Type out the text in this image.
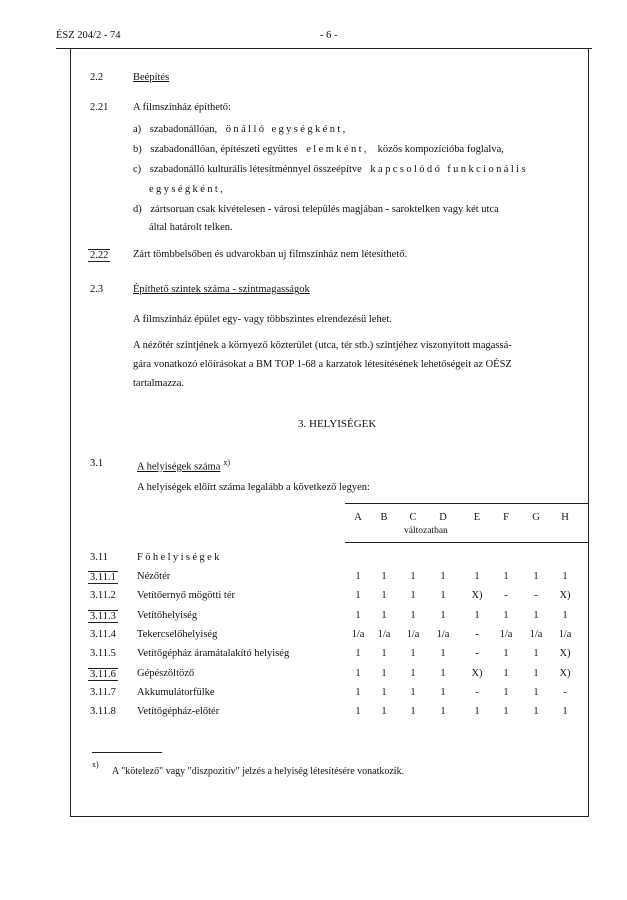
ÉSZ 204/2 - 74	- 6 -
2.2	Beépítés
2.21 A filmszínház építhető:
a) szabadonállóan, önálló egységként,
b) szabadonállóan, építészeti együttes elemként, közös kompozícióba foglalva,
c) szabadonálló kulturális létesítménnyel összeépítve kapcsolódó funkcionális
egységként,
d) zártsoruan csak kivételesen - városi település magjában - saroktelken vagy két utca
által határolt telken.
2.22 Zárt tömbbelsőben és udvarokban uj filmszínház nem létesíthető.
2.3	Építhető szintek száma - szintmagasságok
A filmszínház épület egy- vagy többszintes elrendezésü lehet.
A nézőtér szintjének a környező közterület (utca, tér stb.) szintjéhez viszonyított magassá-
gára vonatkozó előírásokat a BM TOP 1-68 a karzatok létesítésének lehetőségeit az OÉSZ
tartalmazza.
3. HELYISÉGEK
3.1	A helyiségek száma $^{x)}$
A helyiségek előírt száma legalább a következő legyen:
A	B	C	D	E	F	G	H
változatban
3.11	Főhelyiségek
3.11.1 Nézőtér	1	1	1	1	1	1	1	1
3.11.2 Vetítőernyő mögötti tér	1	1	1	1	X)	-	-	X)
3.11.3 Vetítőhelyiség	1	1	1	1	1	1	1	1
3.11.4 Tekercselőhelyiség	1/a 1/a 1/a 1/a	-	1/a 1/a 1/a
3.11.5 Vetítőgépház áramátalakító helyiség	1	1	1	1	-	1	1	X)
3.11.6 Gépészöltöző	1	1	1	1	X)	1	1	X)
3.11.7 Akkumulátorfülke	1	1	1	1	-	1	1	-
3.11.8 Vetítőgépház-előtér	1	1	1	1	1	1	1	1
x)
A "kötelező" vagy "diszpozitív" jelzés a helyiség létesítésére vonatkozik.
